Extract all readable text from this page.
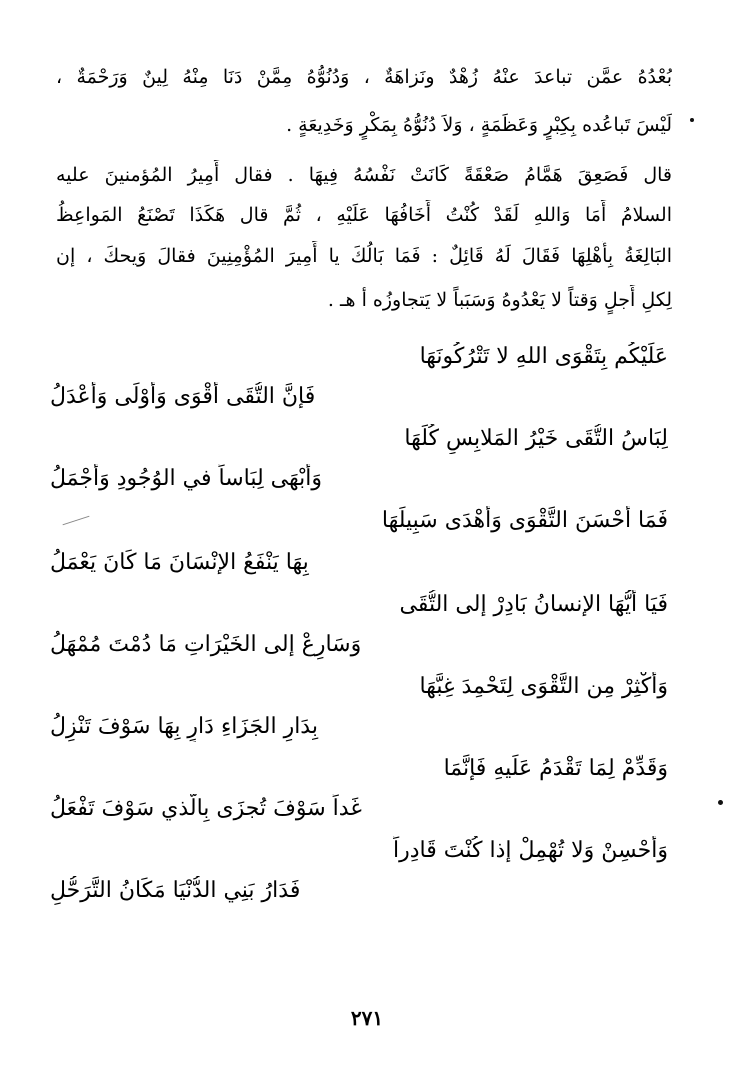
بُعْدُهُ عمَّن تباعدَ عنْهُ زُهْدٌ ونَزاهَةٌ ، وَدُنُوُّهُ مِمَّنْ دَنَا مِنْهُ لِينٌ وَرَحْمَةٌ ،
لَيْسَ تَباعُده بِكِبْرٍ وَعَظَمَةٍ ، وَلاَ دُنُوُّهُ بِمَكْرٍ وَخَدِيعَةٍ .
قال فَصَعِقَ هَمَّامُ صَعْقَةً كَانَتْ نَفْسُهُ فِيهَا . فقال أَمِيرُ المُؤمنينَ عليه
السلامُ أَمَا وَاللهِ لَقَدْ كُنْتُ أَخَافُهَا عَلَيْهِ ، ثُمَّ قال هَكَذَا تَصْنَعُ المَواعِظُ
البَالِغَةُ بِأَهْلِهَا فَقَالَ لَهُ قَائِلٌ : فَمَا بَالُكَ يا أَمِيرَ المُؤْمِنِينَ فقالَ وَيحكَ ، إن
لِكلِ أَجلٍ وَقتاً لا يَعْدُوهُ وَسَبَباً لا يَتجاوزُه أ هـ .
عَلَيْكُم بِتَقْوَى اللهِ لا تَتْرُكُونَهَا
فَإنَّ التُّقَى أَقْوَى وَأَوْلَى وَأَعْدَلُ
لِبَاسُ التُّقَى خَيْرُ المَلابِسِ كُلِّهَا
وَأَبْهَى لِبَاساً في الوُجُودِ وَأَجْمَلُ
فَمَا أَحْسَنَ التَّقْوَى وَأَهْدَى سَبِيلَهَا
بِهَا يَنْفَعُ الإنْسَانَ مَا كَانَ يَعْمَلُ
فَيَا أَيُّهَا الإنسانُ بَادِرْ إلى التُّقَى
وَسَارِعْ إلى الخَيْرَاتِ مَا دُمْتَ مُمْهَلُ
وَأَكْثِرْ مِن التَّقْوَى لِتَحْمِدَ غِبَّهَا
بِدَارِ الجَزَاءِ دَارٍ بِهَا سَوْفَ تَنْزِلُ
وَقَدِّمْ لِمَا تَقْدَمُ عَلَيهِ فَإنَّمَا
غَداً سَوْفَ تُجزَى بِالَّذي سَوْفَ تَفْعَلُ
وَأَحْسِنْ وَلا تُهْمِلْ إذا كُنْتَ قَادِراً
فَدَارُ بَنِي الدُّنْيَا مَكَانُ التَّرَحُّلِ
٢٧١
